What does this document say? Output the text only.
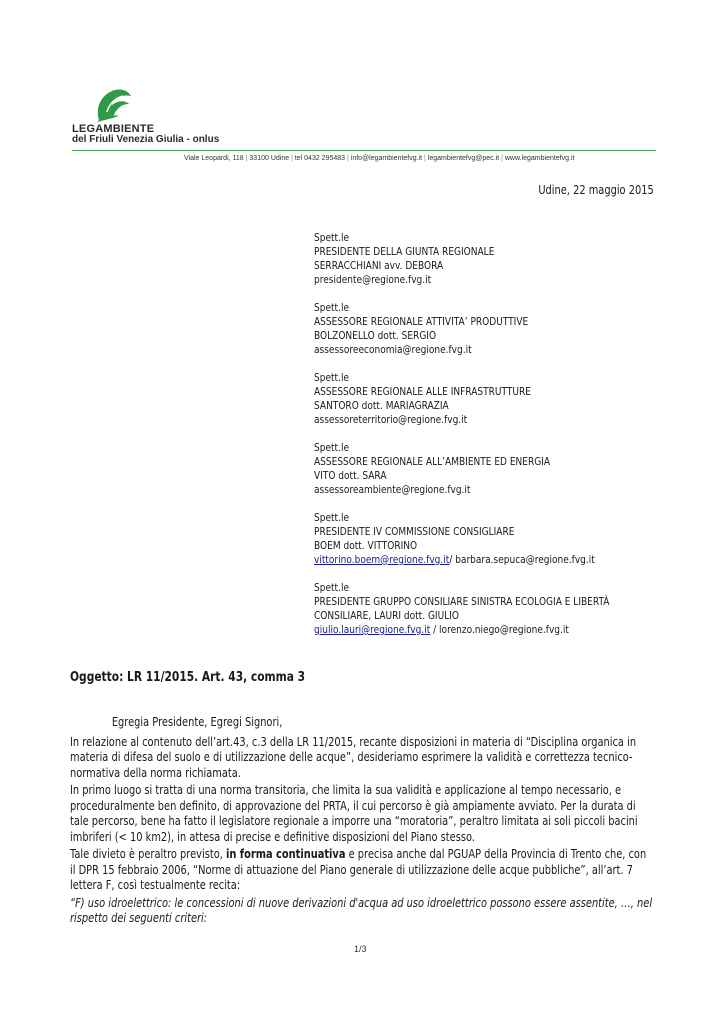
LEGAMBIENTE
del Friuli Venezia Giulia - onlus
Viale Leopardi, 118 | 33100 Udine | tel 0432 295483 | info@legambientefvg.it | legambientefvg@pec.it | www.legambientefvg.it
Udine, 22 maggio 2015
Spett.le
PRESIDENTE DELLA GIUNTA REGIONALE
SERRACCHIANI avv. DEBORA
presidente@regione.fvg.it
Spett.le
ASSESSORE REGIONALE ATTIVITA’ PRODUTTIVE
BOLZONELLO dott. SERGIO
assessoreeconomia@regione.fvg.it
Spett.le
ASSESSORE REGIONALE ALLE INFRASTRUTTURE
SANTORO dott. MARIAGRAZIA
assessoreterritorio@regione.fvg.it
Spett.le
ASSESSORE REGIONALE ALL’AMBIENTE ED ENERGIA
VITO dott. SARA
assessoreambiente@regione.fvg.it
Spett.le
PRESIDENTE IV COMMISSIONE CONSIGLIARE
BOEM dott. VITTORINO
vittorino.boem@regione.fvg.it/ barbara.sepuca@regione.fvg.it
Spett.le
PRESIDENTE GRUPPO CONSILIARE SINISTRA ECOLOGIA E LIBERTÀ
CONSILIARE, LAURI dott. GIULIO
giulio.lauri@regione.fvg.it / lorenzo.niego@regione.fvg.it
Oggetto: LR 11/2015. Art. 43, comma 3

Egregia Presidente, Egregi Signori,

In relazione al contenuto dell’art.43, c.3 della LR 11/2015, recante disposizioni in materia di “Disciplina organica in materia di difesa del suolo e di utilizzazione delle acque”, desideriamo esprimere la validità e correttezza tecnico-normativa della norma richiamata.

In primo luogo si tratta di una norma transitoria, che limita la sua validità e applicazione al tempo necessario, e proceduralmente ben definito, di approvazione del PRTA, il cui percorso è già ampiamente avviato. Per la durata di tale percorso, bene ha fatto il legislatore regionale a imporre una “moratoria”, peraltro limitata ai soli piccoli bacini imbriferi (< 10 km2), in attesa di precise e definitive disposizioni del Piano stesso.

Tale divieto è peraltro previsto, in forma continuativa e precisa anche dal PGUAP della Provincia di Trento che, con il DPR 15 febbraio 2006, “Norme di attuazione del Piano generale di utilizzazione delle acque pubbliche”, all’art. 7 lettera F, così testualmente recita:

“F) uso idroelettrico: le concessioni di nuove derivazioni d'acqua ad uso idroelettrico possono essere assentite, …, nel rispetto dei seguenti criteri:

1/3
